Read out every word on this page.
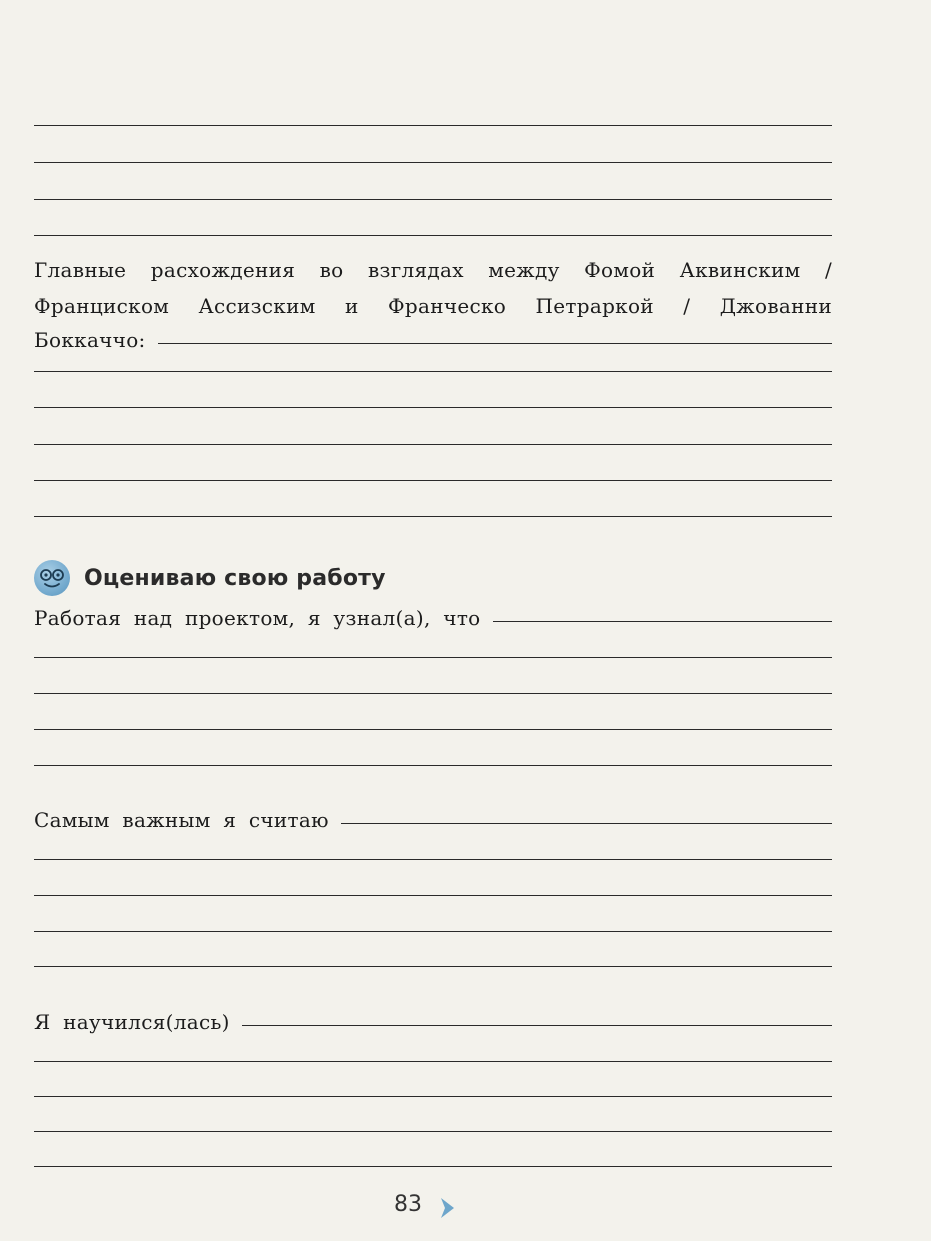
Главные расхождения во взглядах между Фомой Аквинским /
Франциском Ассизским и Франческо Петраркой / Джованни
Боккаччо:
Оцениваю свою работу
Работая над проектом, я узнал(а), что
Самым важным я считаю
Я научился(лась)
83
